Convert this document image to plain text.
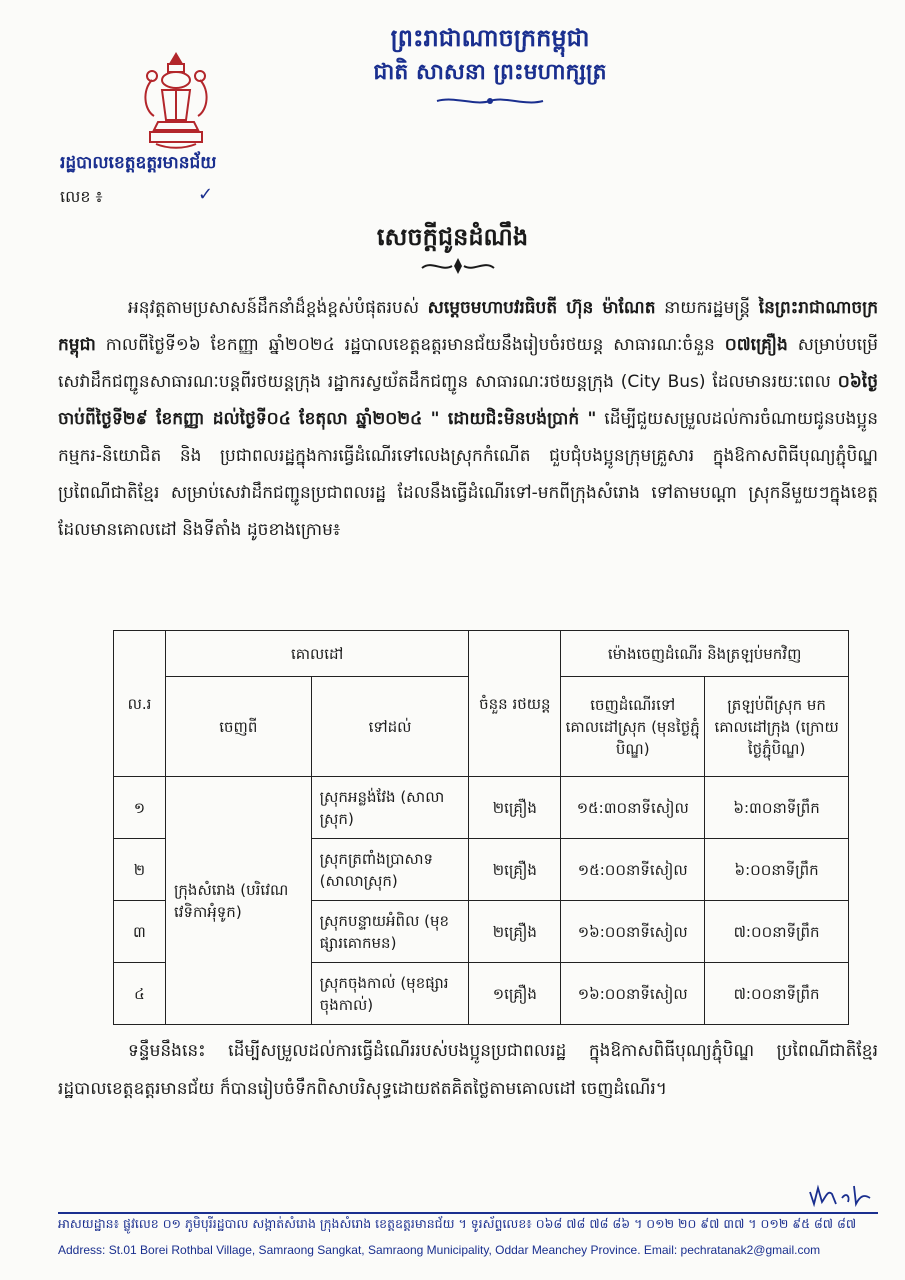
ព្រះរាជាណាចក្រកម្ពុជា
ជាតិ សាសនា ព្រះមហាក្សត្រ
រដ្ឋបាលខេត្តឧត្តរមានជ័យ
លេខ ៖	✓
សេចក្តីជូនដំណឹង
អនុវត្តតាមប្រសាសន៍ដឹកនាំដ៏ខ្ពង់ខ្ពស់បំផុតរបស់ សម្តេចមហាបវរធិបតី ហ៊ុន ម៉ាណែត នាយករដ្ឋមន្ត្រី នៃព្រះរាជាណាចក្រកម្ពុជា កាលពីថ្ងៃទី១៦ ខែកញ្ញា ឆ្នាំ២០២៤ រដ្ឋបាលខេត្តឧត្តរមានជ័យនឹងរៀបចំរថយន្ត សាធារណៈចំនួន ០៧គ្រឿង សម្រាប់បម្រើសេវាដឹកជញ្ជូនសាធារណៈបន្តពីរថយន្តក្រុង រដ្ឋាករស្វយ័តដឹកជញ្ជូន សាធារណៈរថយន្តក្រុង (City Bus) ដែលមានរយៈពេល ០៦ថ្ងៃ ចាប់ពីថ្ងៃទី២៩ ខែកញ្ញា ដល់ថ្ងៃទី០៤ ខែតុលា ឆ្នាំ២០២៤ " ដោយជិះមិនបង់ប្រាក់ " ដើម្បីជួយសម្រួលដល់ការចំណាយជូនបងប្អូន កម្មករ-និយោជិត និង ប្រជាពលរដ្ឋក្នុងការធ្វើដំណើរទៅលេងស្រុកកំណើត ជួបជុំបងប្អូនក្រុមគ្រួសារ ក្នុងឱកាសពិធីបុណ្យភ្ជុំបិណ្ឌ ប្រពៃណីជាតិខ្មែរ សម្រាប់សេវាដឹកជញ្ជូនប្រជាពលរដ្ឋ ដែលនឹងធ្វើដំណើរទៅ-មកពីក្រុងសំរោង ទៅតាមបណ្តា ស្រុកនីមួយៗក្នុងខេត្ត ដែលមានគោលដៅ និងទីតាំង ដូចខាងក្រោម៖
ល.រ	គោលដៅ		ចំនួន រថយន្ត	ម៉ោងចេញដំណើរ និងត្រឡប់មកវិញ	
	ចេញពី	ទៅដល់		ចេញដំណើរទៅ គោលដៅស្រុក (មុនថ្ងៃភ្ជុំបិណ្ឌ)	ត្រឡប់ពីស្រុក មកគោលដៅក្រុង (ក្រោយថ្ងៃភ្ជុំបិណ្ឌ)
១	ក្រុងសំរោង (បរិវេណវេទិកាអុំទូក)	ស្រុកអន្លង់វែង (សាលាស្រុក)	២គ្រឿង	១៥:៣០នាទីសៀល	៦:៣០នាទីព្រឹក
២		ស្រុកត្រពាំងប្រាសាទ (សាលាស្រុក)	២គ្រឿង	១៥:០០នាទីសៀល	៦:០០នាទីព្រឹក
៣		ស្រុកបន្ទាយអំពិល (មុខផ្សារគោកមន)	២គ្រឿង	១៦:០០នាទីសៀល	៧:០០នាទីព្រឹក
៤		ស្រុកចុងកាល់ (មុខផ្សារចុងកាល់)	១គ្រឿង	១៦:០០នាទីសៀល	៧:០០នាទីព្រឹក
ទន្ទឹមនឹងនេះ ដើម្បីសម្រួលដល់ការធ្វើដំណើររបស់បងប្អូនប្រជាពលរដ្ឋ ក្នុងឱកាសពិធីបុណ្យភ្ជុំបិណ្ឌ ប្រពៃណីជាតិខ្មែរ រដ្ឋបាលខេត្តឧត្តរមានជ័យ ក៏បានរៀបចំទឹកពិសាបរិសុទ្ធដោយឥតគិតថ្លៃតាមគោលដៅ ចេញដំណើរ។
អាសយដ្ឋាន៖ ផ្លូវលេខ ០១ ភូមិបុរីរដ្ឋបាល សង្កាត់សំរោង ក្រុងសំរោង ខេត្តឧត្តរមានជ័យ ។ ទូរស័ព្ទលេខ៖ ០៦៨ ៧៨ ៧៨ ៨៦ ។ ០១២ ២០ ៩៧ ៣៧ ។ ០១២ ៩៥ ៨៧ ៨៧
Address: St.01 Borei Rothbal Village, Samraong Sangkat, Samraong Municipality, Oddar Meanchey Province. Email: pechratanak2@gmail.com
